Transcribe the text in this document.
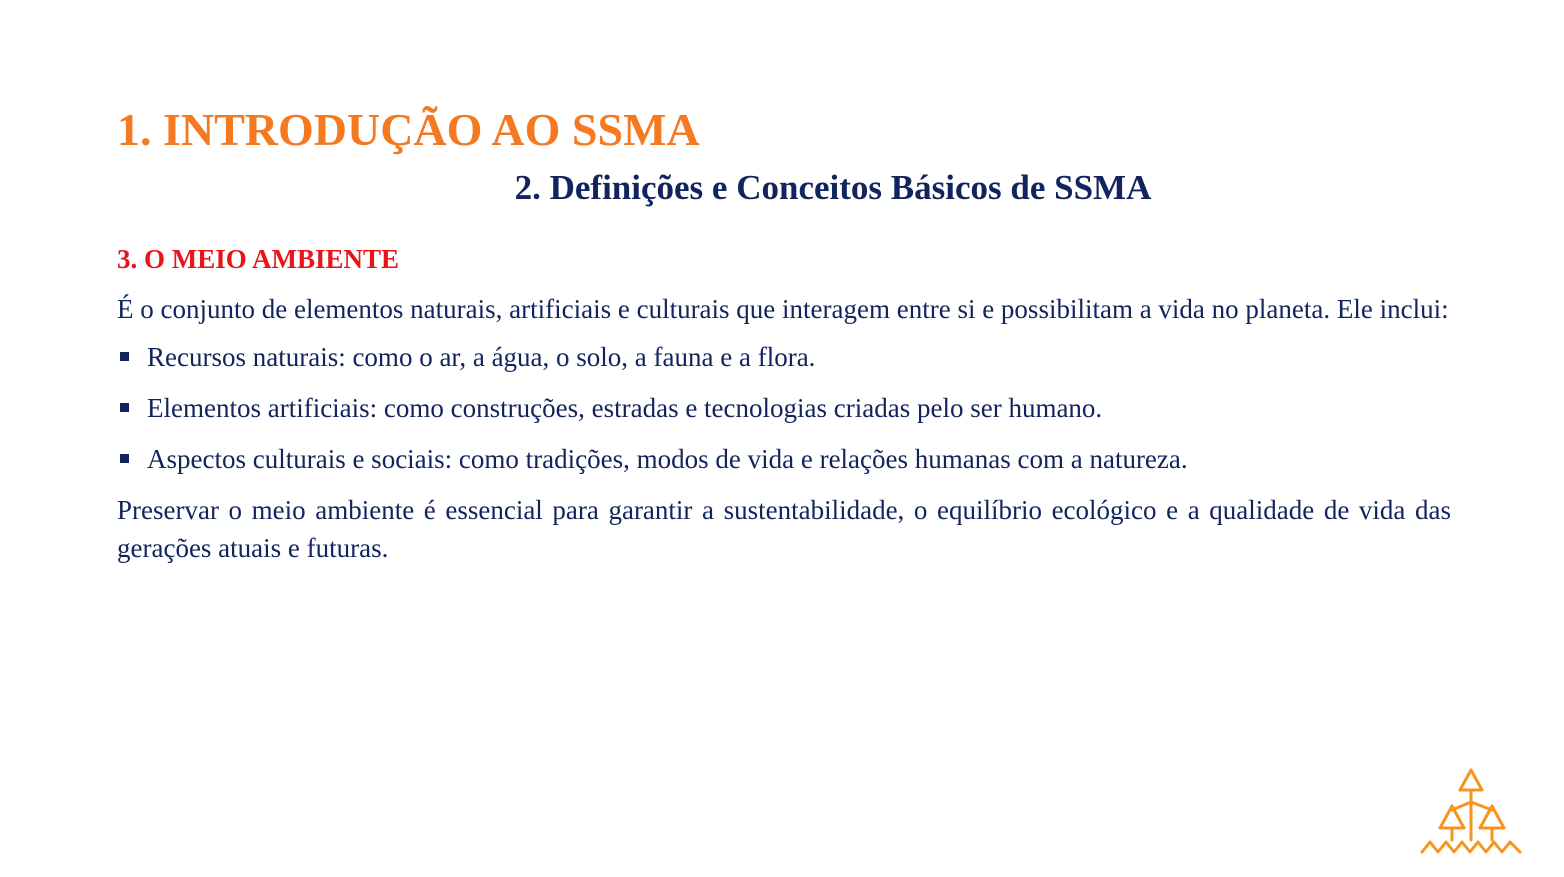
1. INTRODUÇÃO AO SSMA
2. Definições e Conceitos Básicos de SSMA
3. O MEIO AMBIENTE

É o conjunto de elementos naturais, artificiais e culturais que interagem entre si e possibilitam a vida no planeta. Ele inclui:

Recursos naturais: como o ar, a água, o solo, a fauna e a flora.
Elementos artificiais: como construções, estradas e tecnologias criadas pelo ser humano.
Aspectos culturais e sociais: como tradições, modos de vida e relações humanas com a natureza.

Preservar o meio ambiente é essencial para garantir a sustentabilidade, o equilíbrio ecológico e a qualidade de vida das gerações atuais e futuras.
